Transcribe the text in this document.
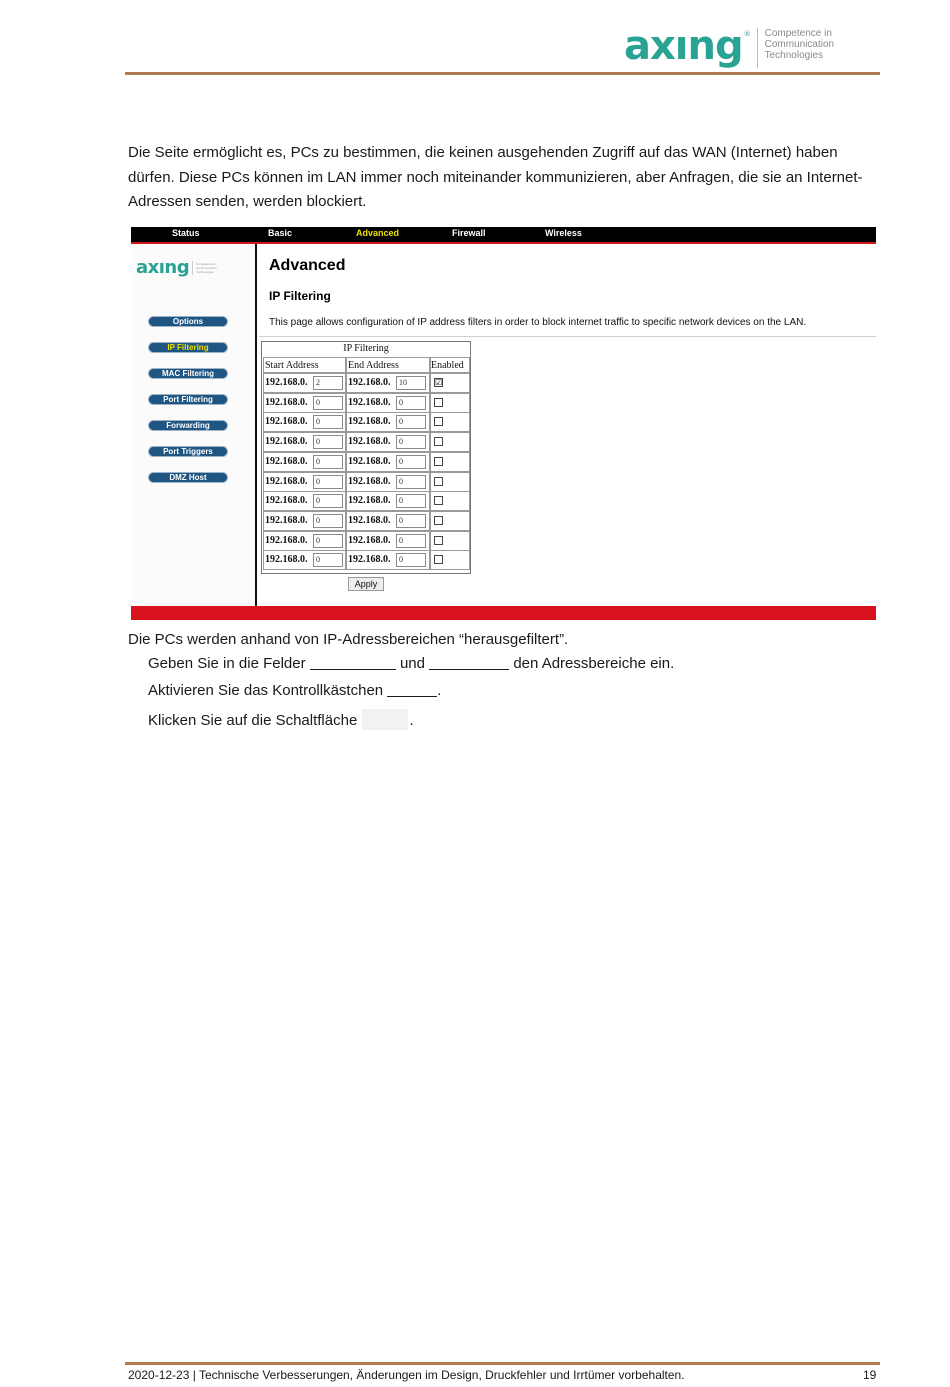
axıng ® Competence in
Communication
Technologies
Die Seite ermöglicht es, PCs zu bestimmen, die keinen ausgehenden Zugriff auf das WAN (Internet) haben dürfen. Diese PCs können im LAN immer noch miteinander kommunizieren, aber Anfragen, die sie an Internet-Adressen senden, werden blockiert.
Status	Basic	Advanced	Firewall	Wireless
axıng Competence in Communication Technologies
Options
IP Filtering
MAC Filtering
Port Filtering
Forwarding
Port Triggers
DMZ Host
Advanced
IP Filtering
This page allows configuration of IP address filters in order to block internet traffic to specific network devices on the LAN.
IP Filtering
Start Address	End Address	Enabled
192.168.0.	2	192.168.0.	10	☑
192.168.0.	0	192.168.0.	0
192.168.0.	0	192.168.0.	0
192.168.0.	0	192.168.0.	0
192.168.0.	0	192.168.0.	0
192.168.0.	0	192.168.0.	0
192.168.0.	0	192.168.0.	0
192.168.0.	0	192.168.0.	0
192.168.0.	0	192.168.0.	0
192.168.0.	0	192.168.0.	0
Apply
Die PCs werden anhand von IP-Adressbereichen “herausgefiltert”.
Geben Sie in die Felder	und	den Adressbereiche ein.
Aktivieren Sie das Kontrollkästchen	.
Klicken Sie auf die Schaltfläche	.
2020-12-23 | Technische Verbesserungen, Änderungen im Design, Druckfehler und Irrtümer vorbehalten.	19
